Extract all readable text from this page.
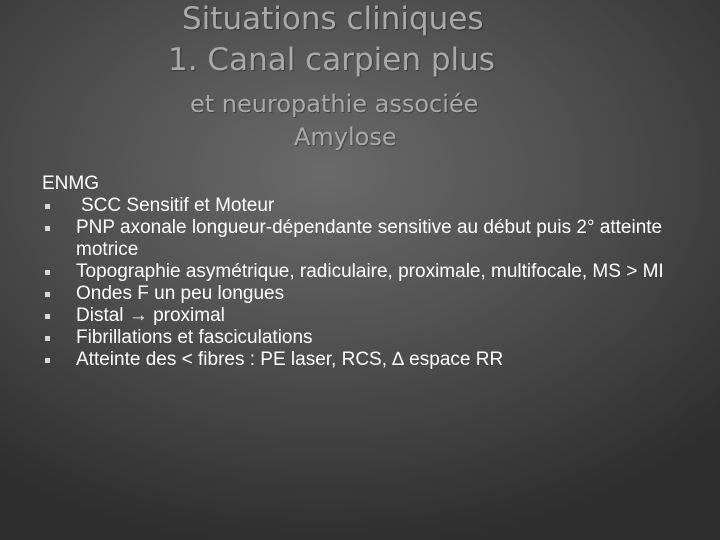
Situations cliniques
1. Canal carpien plus
et neuropathie associée
Amylose
ENMG
SCC Sensitif et Moteur
PNP axonale longueur-dépendante sensitive au début puis 2° atteinte motrice
Topographie asymétrique, radiculaire, proximale, multifocale, MS > MI
Ondes F un peu longues
Distal → proximal
Fibrillations et fasciculations
Atteinte des < fibres : PE laser, RCS, ∆ espace RR
